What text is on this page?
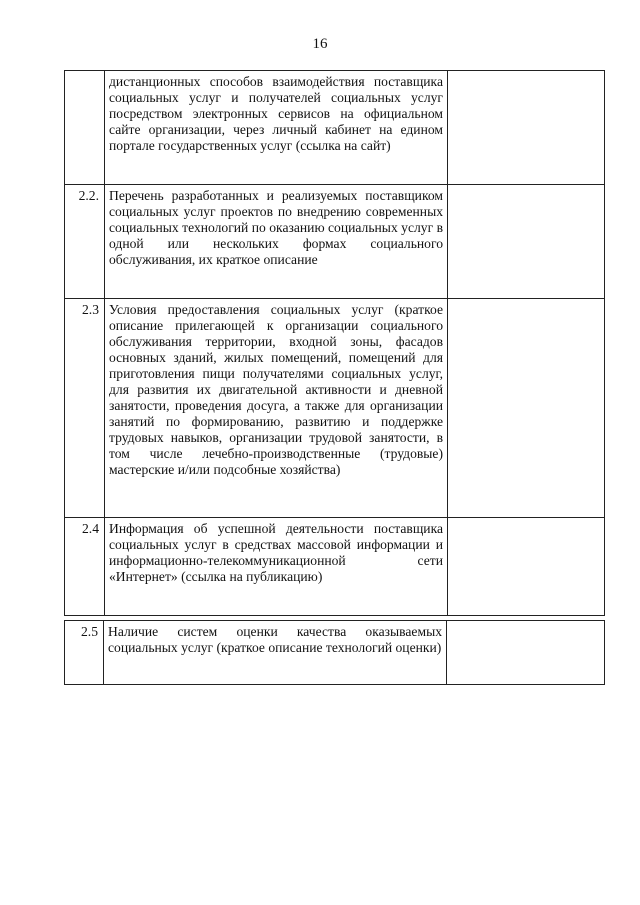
16
	дистанционных способов взаимодействия поставщика социальных услуг и получателей социальных услуг посредством электронных сервисов на официальном сайте организации, через личный кабинет на едином портале государственных услуг (ссылка на сайт)	
2.2.	Перечень разработанных и реализуемых поставщиком социальных услуг проектов по внедрению современных социальных технологий по оказанию социальных услуг в одной или нескольких формах социального обслуживания, их краткое описание	
2.3	Условия предоставления социальных услуг (краткое описание прилегающей к организации социального обслуживания территории, входной зоны, фасадов основных зданий, жилых помещений, помещений для приготовления пищи получателями социальных услуг, для развития их двигательной активности и дневной занятости, проведения досуга, а также для организации занятий по формированию, развитию и поддержке трудовых навыков, организации трудовой занятости, в том числе лечебно-производственные (трудовые) мастерские и/или подсобные хозяйства)	
2.4	Информация об успешной деятельности поставщика социальных услуг в средствах массовой информации и информационно-телекоммуникационной сети «Интернет» (ссылка на публикацию)	
2.5	Наличие систем оценки качества оказываемых социальных услуг (краткое описание технологий оценки)	
